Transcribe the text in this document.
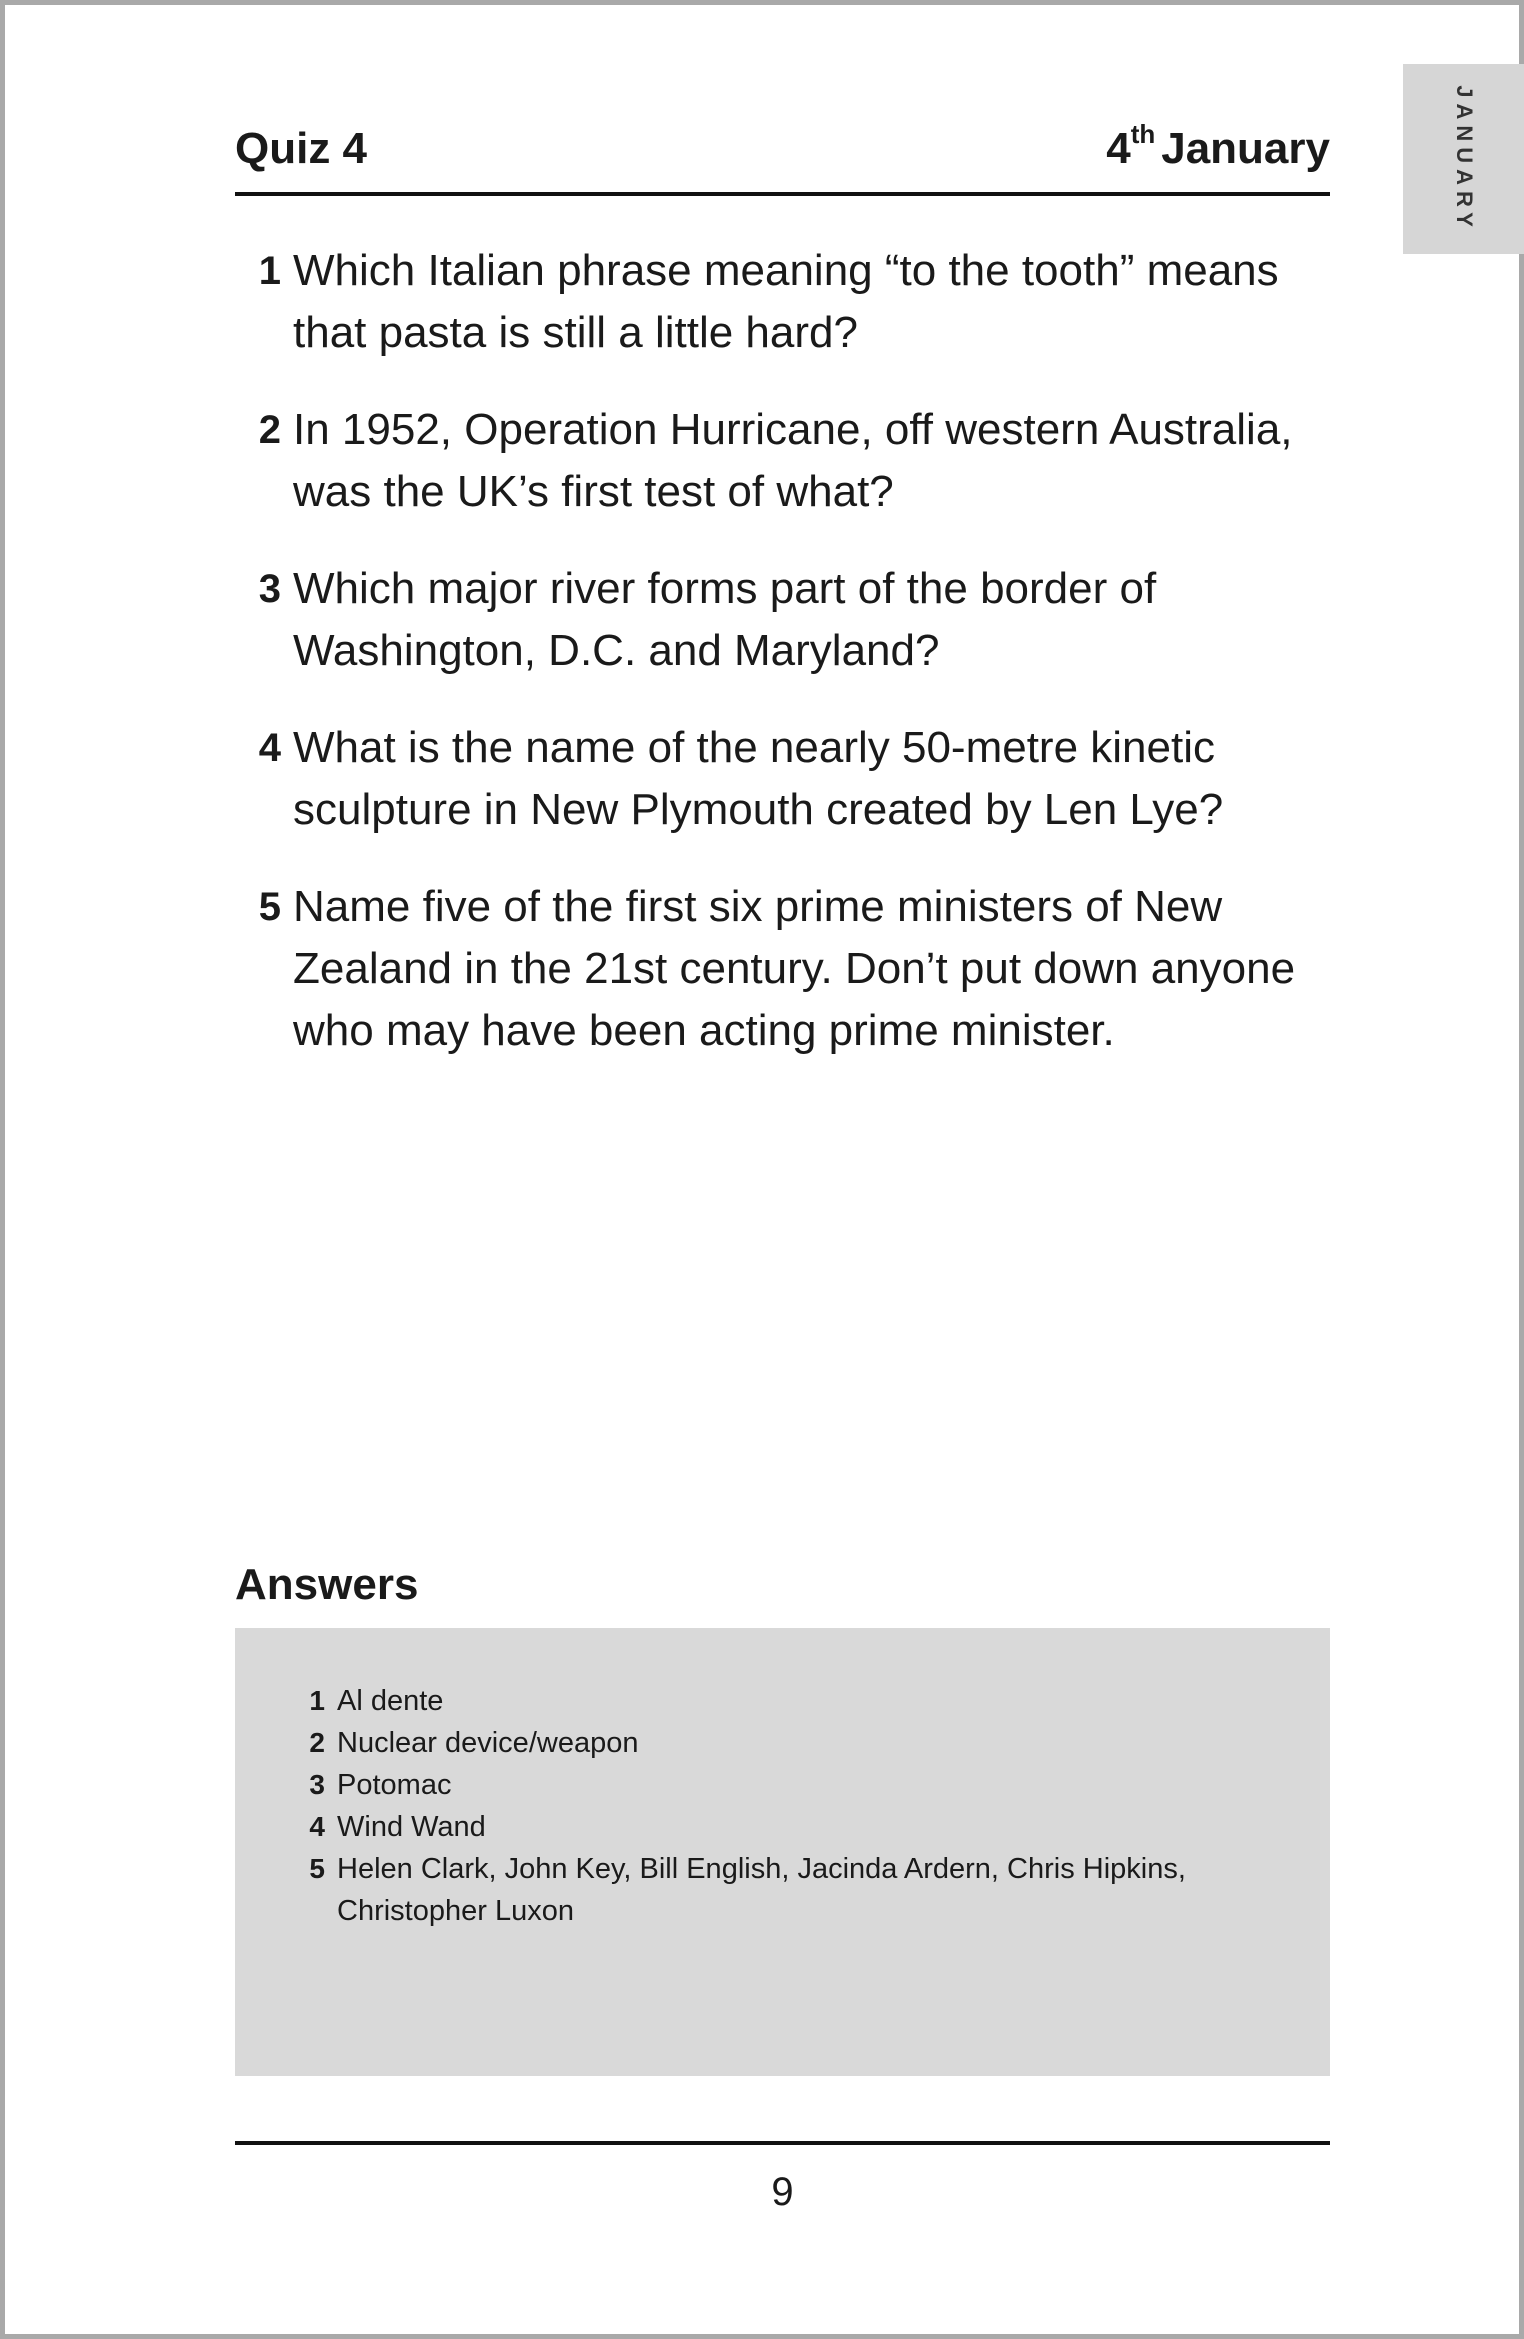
JANUARY
Quiz 4	4th January
1 Which Italian phrase meaning “to the tooth” means that pasta is still a little hard?
2 In 1952, Operation Hurricane, off western Australia, was the UK’s first test of what?
3 Which major river forms part of the border of Washington, D.C. and Maryland?
4 What is the name of the nearly 50-metre kinetic sculpture in New Plymouth created by Len Lye?
5 Name five of the first six prime ministers of New Zealand in the 21st century. Don’t put down anyone who may have been acting prime minister.
Answers
1 Al dente
2 Nuclear device/weapon
3 Potomac
4 Wind Wand
5 Helen Clark, John Key, Bill English, Jacinda Ardern, Chris Hipkins, Christopher Luxon
9
